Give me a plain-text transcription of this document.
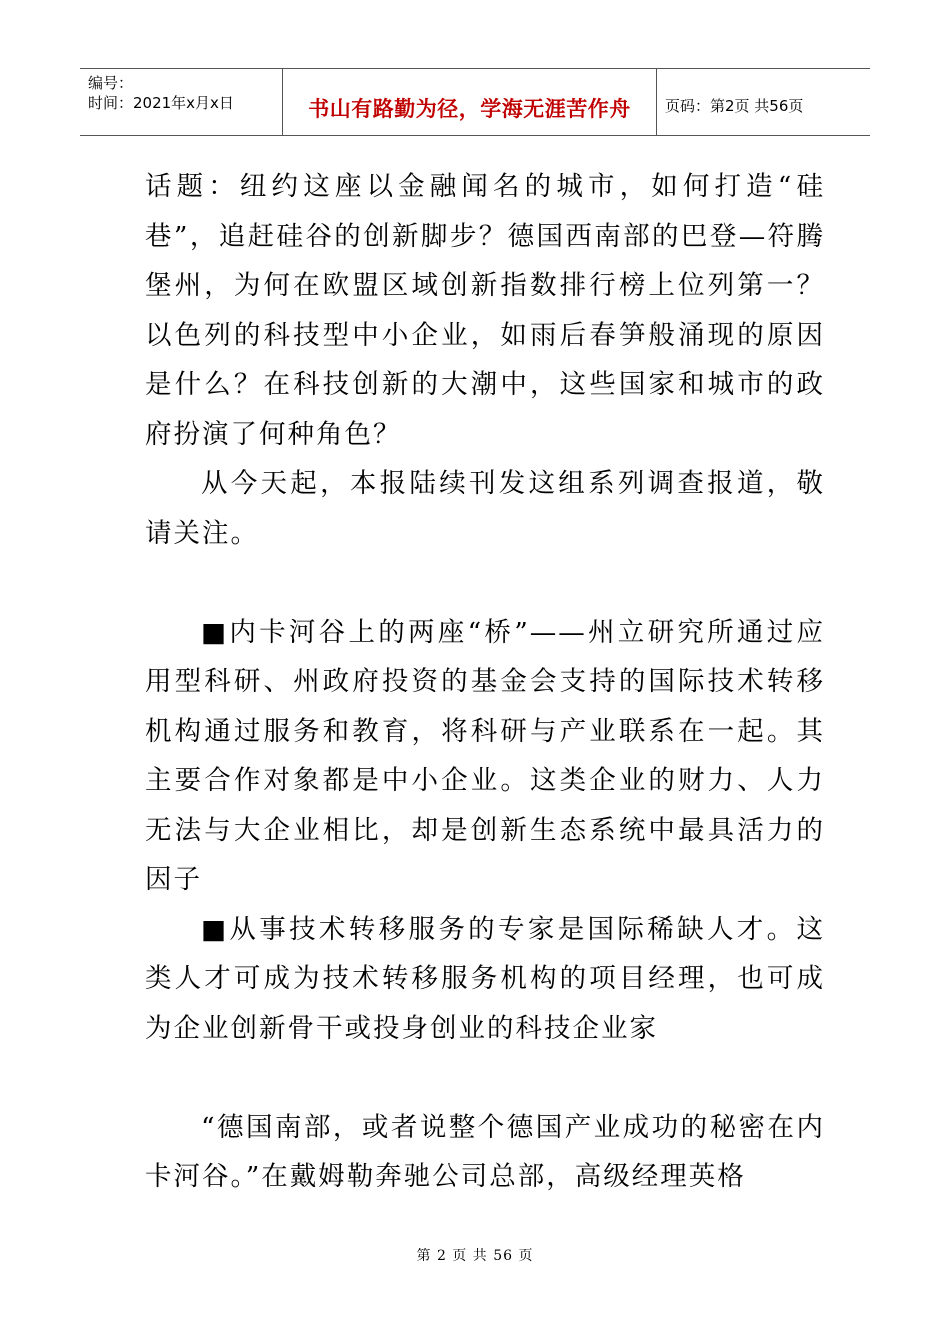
编号：
时间：2021年x月x日	书山有路勤为径，学海无涯苦作舟	页码：第2页 共56页

话题：纽约这座以金融闻名的城市，如何打造“硅巷”，追赶硅谷的创新脚步？德国西南部的巴登—符腾堡州，为何在欧盟区域创新指数排行榜上位列第一？以色列的科技型中小企业，如雨后春笋般涌现的原因是什么？在科技创新的大潮中，这些国家和城市的政府扮演了何种角色？

从今天起，本报陆续刊发这组系列调查报道，敬请关注。

■内卡河谷上的两座“桥”——州立研究所通过应用型科研、州政府投资的基金会支持的国际技术转移机构通过服务和教育，将科研与产业联系在一起。其主要合作对象都是中小企业。这类企业的财力、人力无法与大企业相比，却是创新生态系统中最具活力的因子

■从事技术转移服务的专家是国际稀缺人才。这类人才可成为技术转移服务机构的项目经理，也可成为企业创新骨干或投身创业的科技企业家

“德国南部，或者说整个德国产业成功的秘密在内卡河谷。”在戴姆勒奔驰公司总部，高级经理英格

第 2 页 共 56 页
